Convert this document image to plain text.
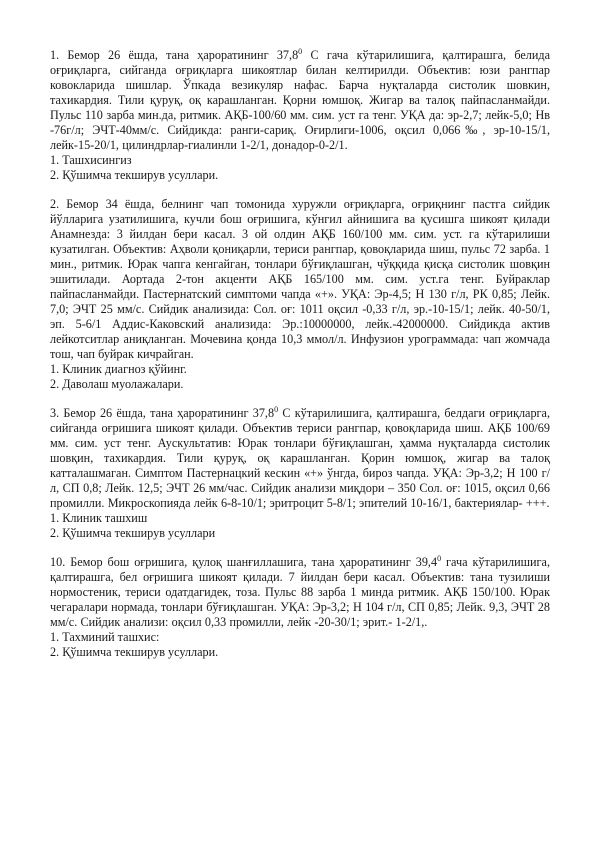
1. Бемор 26 ёшда, тана ҳароратининг 37,8$^0$ С гача кўтарилишига, қалтирашга, белида оғриқларга, сийганда оғриқларга шикоятлар билан келтирилди. Объектив: юзи рангпар ковокларида шишлар. Ўпкада везикуляр нафас. Барча нуқталарда систолик шовкин, тахикардия. Тили қуруқ, оқ карашланган. Қорни юмшоқ. Жигар ва талоқ пайпасланмайди. Пульс 110 зарба мин.да, ритмик. АҚБ-100/60 мм. сим. уст га тенг. УҚА да: эр-2,7; лейк-5,0; Нв -76г/л; ЭЧТ-40мм/с. Сийдикда: ранги-сариқ. Оғирлиги-1006, оқсил 0,066‰, эр-10-15/1, лейк-15-20/1, цилиндрлар-гиалинли 1-2/1, донадор-0-2/1.

1. Ташхисингиз
2. Қўшимча текширув усуллари.

2. Бемор 34 ёшда, белнинг чап томонида хуружли оғриқларга, оғриқнинг пастга сийдик йўлларига узатилишига, кучли бош оғришига, кўнгил айнишига ва қусишга шикоят қилади Анамнезда: 3 йилдан бери касал. 3 ой олдин АҚБ 160/100 мм. сим. уст. га кўтарилиши кузатилган. Объектив: Аҳволи қониқарли, териси рангпар, қовоқларида шиш, пульс 72 зарба. 1 мин., ритмик. Юрак чапга кенгайган, тонлари бўғиқлашган, чўққида қисқа систолик шовқин эшитилади. Аортада 2-тон акценти АҚБ 165/100 мм. сим. уст.га тенг. Буйраклар пайпасланмайди. Пастернатский симптоми чапда «+». УҚА: Эр-4,5; Н 130 г/л, РК 0,85; Лейк. 7,0; ЭЧТ 25 мм/с. Сийдик анализида: Сол. оғ: 1011 оқсил -0,33 г/л, эр.-10-15/1; лейк. 40-50/1, эп. 5-6/1 Аддис-Каковский анализида: Эр.:10000000, лейк.-42000000. Сийдикда актив лейкотситлар аниқланган. Мочевина қонда 10,3 ммол/л. Инфузион урограммада: чап жомчада тош, чап буйрак кичрайган.

1. Клиник диагноз қўйинг.
2. Даволаш муолажалари.

3. Бемор 26 ёшда, тана ҳароратининг 37,8$^0$ С кўтарилишига, қалтирашга, белдаги оғриқларга, сийганда оғришига шикоят қилади. Объектив териси рангпар, қовоқларида шиш. АҚБ 100/69 мм. сим. уст тенг. Аускультатив: Юрак тонлари бўғиқлашган, ҳамма нуқталарда систолик шовқин, тахикардия. Тили қуруқ, оқ карашланган. Қорин юмшоқ, жигар ва талоқ катталашмаган. Симптом Пастернацкий кескин «+» ўнгда, бироз чапда. УҚА: Эр-3,2; Н 100 г/л, СП 0,8; Лейк. 12,5; ЭЧТ 26 мм/час. Сийдик анализи миқдори – 350 Сол. оғ: 1015, оқсил 0,66 промилли. Микроскопияда лейк 6-8-10/1; эритроцит 5-8/1; эпителий 10-16/1, бактериялар- +++.

1. Клиник ташхиш
2. Қўшимча текширув усуллари

10. Бемор бош оғришига, қулоқ шанғиллашига, тана ҳароратининг 39,4$^0$ гача кўтарилишига, қалтирашга, бел оғришига шикоят қилади. 7 йилдан бери касал. Объектив: тана тузилиши нормостеник, териси одатдагидек, тоза. Пульс 88 зарба 1 минда ритмик. АҚБ 150/100. Юрак чегаралари нормада, тонлари бўғиқлашган. УҚА: Эр-3,2; Н 104 г/л, СП 0,85; Лейк. 9,3, ЭЧТ 28 мм/с. Сийдик анализи: оқсил 0,33 промилли, лейк -20-30/1; эрит.- 1-2/1,.

1. Тахминий ташхис:
2. Қўшимча текширув усуллари.
